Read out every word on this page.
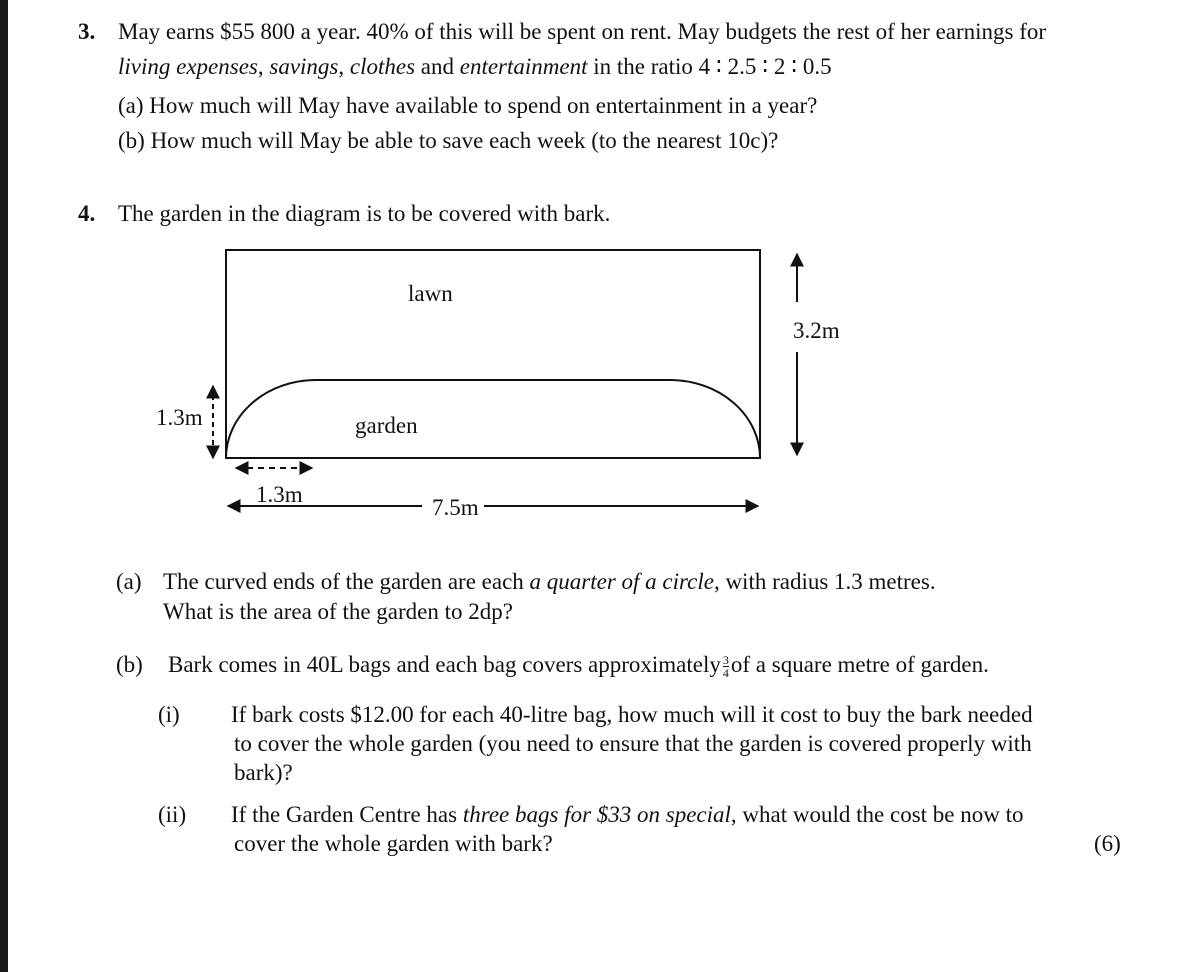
3. May earns $55 800 a year. 40% of this will be spent on rent. May budgets the rest of her earnings for
living expenses, savings, clothes and entertainment in the ratio 4 ∶ 2.5 ∶ 2 ∶ 0.5
(a) How much will May have available to spend on entertainment in a year?
(b) How much will May be able to save each week (to the nearest 10c)?
4. The garden in the diagram is to be covered with bark.
lawn
garden
3.2m
1.3m
1.3m
7.5m
(a) The curved ends of the garden are each a quarter of a circle, with radius 1.3 metres.
What is the area of the garden to 2dp?
(b) Bark comes in 40L bags and each bag covers approximately $\frac{3}{4}$ of a square metre of garden.
(i) If bark costs $12.00 for each 40-litre bag, how much will it cost to buy the bark needed
to cover the whole garden (you need to ensure that the garden is covered properly with
bark)?
(ii) If the Garden Centre has three bags for $33 on special, what would the cost be now to
cover the whole garden with bark?	(6)
